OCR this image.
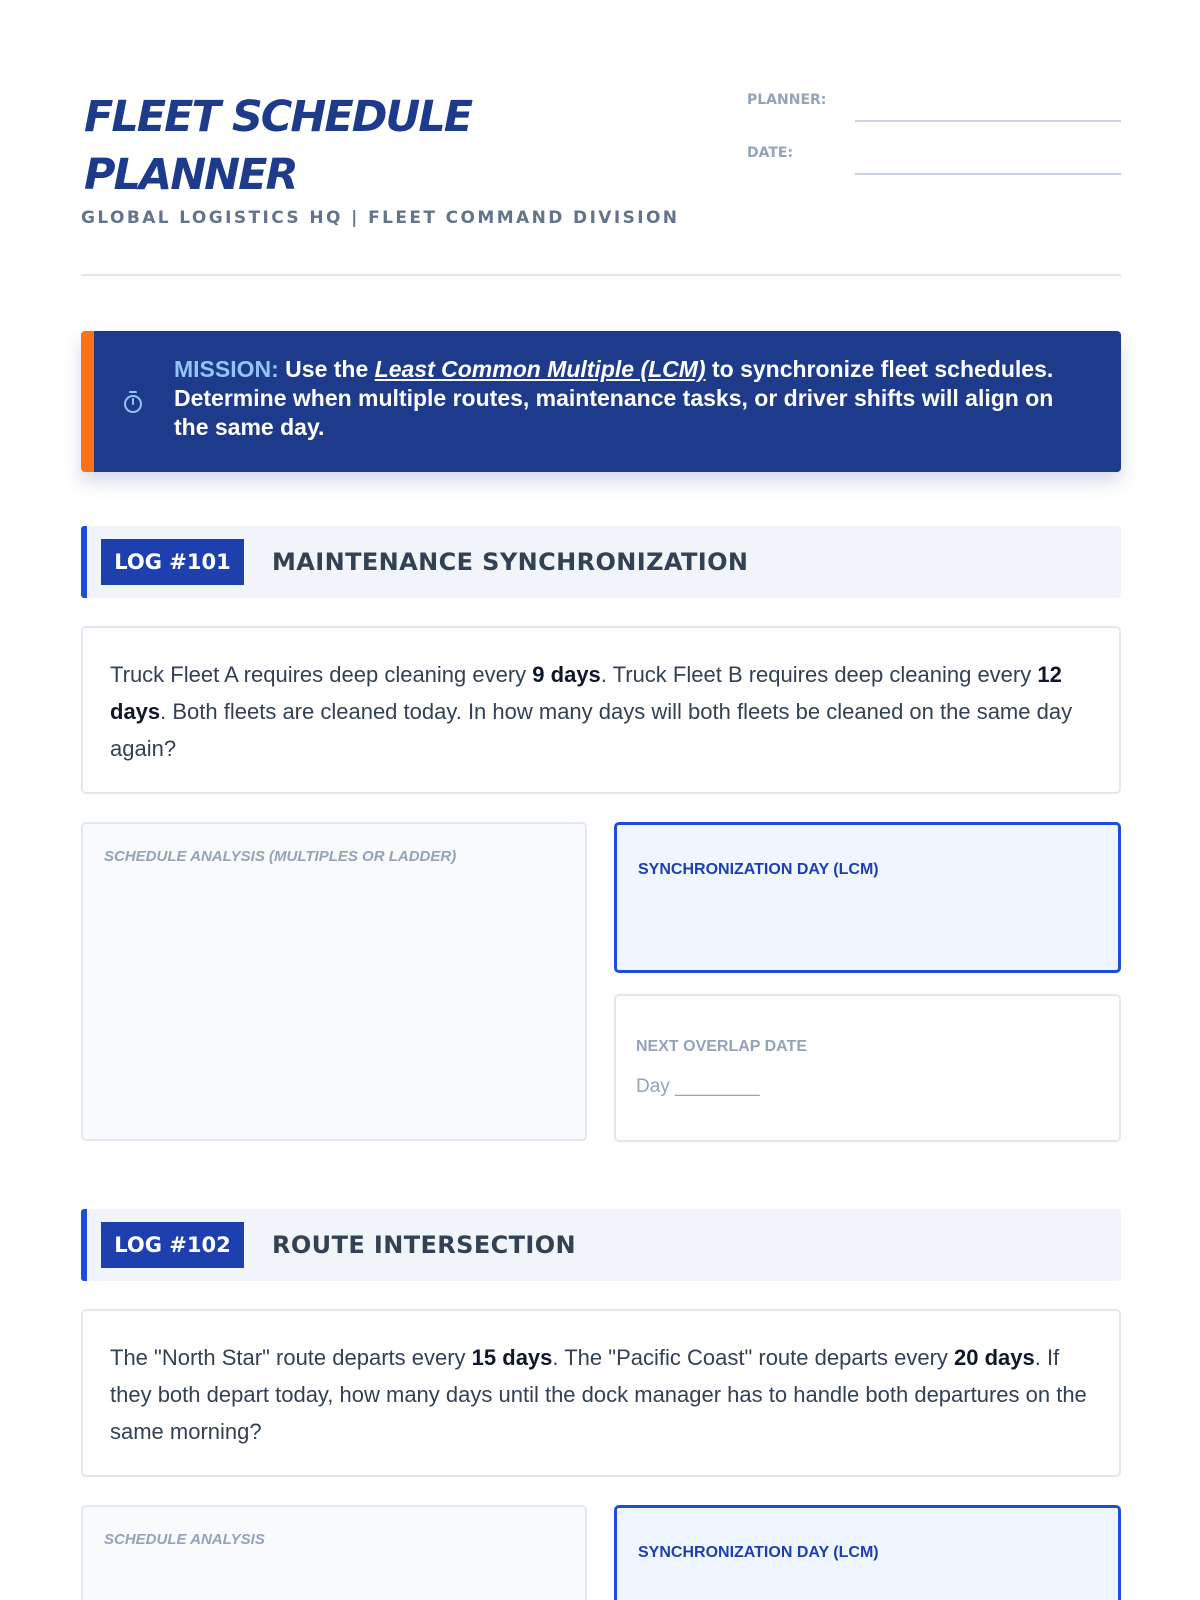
FLEET SCHEDULE
PLANNER
GLOBAL LOGISTICS HQ | FLEET COMMAND DIVISION
PLANNER:
DATE:
MISSION: Use the Least Common Multiple (LCM) to synchronize fleet schedules. Determine when multiple routes, maintenance tasks, or driver shifts will align on the same day.
LOG #101	MAINTENANCE SYNCHRONIZATION

Truck Fleet A requires deep cleaning every 9 days. Truck Fleet B requires deep cleaning every 12 days. Both fleets are cleaned today. In how many days will both fleets be cleaned on the same day again?

SCHEDULE ANALYSIS (MULTIPLES OR LADDER)
SYNCHRONIZATION DAY (LCM)
NEXT OVERLAP DATE
Day ________
LOG #102	ROUTE INTERSECTION

The "North Star" route departs every 15 days. The "Pacific Coast" route departs every 20 days. If they both depart today, how many days until the dock manager has to handle both departures on the same morning?

SCHEDULE ANALYSIS
SYNCHRONIZATION DAY (LCM)
